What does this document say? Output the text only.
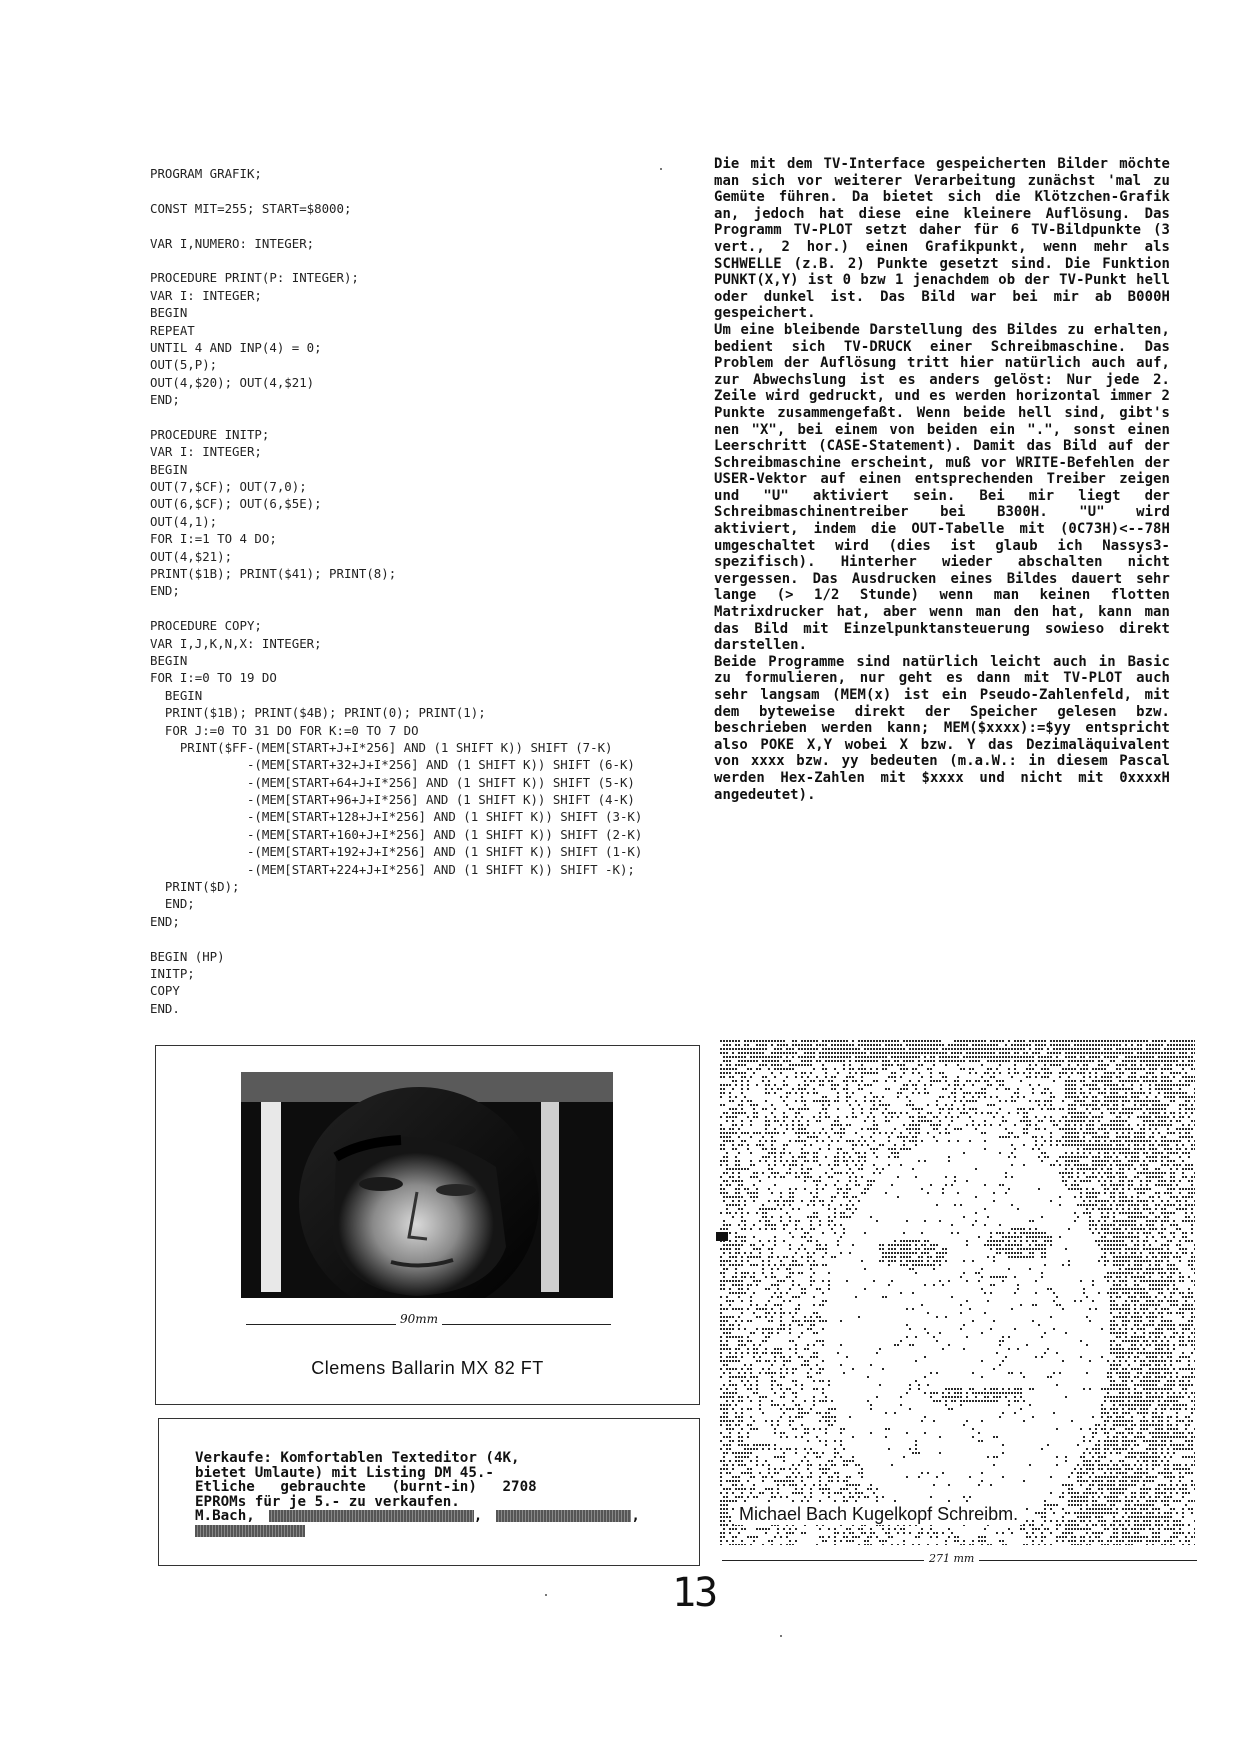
PROGRAM GRAFIK;
CONST MIT=255; START=$8000;
VAR I,NUMERO: INTEGER;
PROCEDURE PRINT(P: INTEGER);
VAR I: INTEGER;
BEGIN
REPEAT
UNTIL 4 AND INP(4) = 0;
OUT(5,P);
OUT(4,$20); OUT(4,$21)
END;
PROCEDURE INITP;
VAR I: INTEGER;
BEGIN
OUT(7,$CF); OUT(7,0);
OUT(6,$CF); OUT(6,$5E);
OUT(4,1);
FOR I:=1 TO 4 DO;
OUT(4,$21);
PRINT($1B); PRINT($41); PRINT(8);
END;
PROCEDURE COPY;
VAR I,J,K,N,X: INTEGER;
BEGIN
FOR I:=0 TO 19 DO
BEGIN
PRINT($1B); PRINT($4B); PRINT(0); PRINT(1);
FOR J:=0 TO 31 DO FOR K:=0 TO 7 DO
PRINT($FF-(MEM[START+J+I*256] AND (1 SHIFT K)) SHIFT (7-K)
-(MEM[START+32+J+I*256] AND (1 SHIFT K)) SHIFT (6-K)
-(MEM[START+64+J+I*256] AND (1 SHIFT K)) SHIFT (5-K)
-(MEM[START+96+J+I*256] AND (1 SHIFT K)) SHIFT (4-K)
-(MEM[START+128+J+I*256] AND (1 SHIFT K)) SHIFT (3-K)
-(MEM[START+160+J+I*256] AND (1 SHIFT K)) SHIFT (2-K)
-(MEM[START+192+J+I*256] AND (1 SHIFT K)) SHIFT (1-K)
-(MEM[START+224+J+I*256] AND (1 SHIFT K)) SHIFT -K);
PRINT($D);
END;
END;
BEGIN (HP)
INITP;
COPY
END.

Die mit dem TV-Interface gespeicherten Bilder möchte man sich vor weiterer Verarbeitung zunächst 'mal zu Gemüte führen. Da bietet sich die Klötzchen-Grafik an, jedoch hat diese eine kleinere Auflösung. Das Programm TV-PLOT setzt daher für 6 TV-Bildpunkte (3 vert., 2 hor.) einen Grafikpunkt, wenn mehr als SCHWELLE (z.B. 2) Punkte gesetzt sind. Die Funktion PUNKT(X,Y) ist 0 bzw 1 jenachdem ob der TV-Punkt hell oder dunkel ist. Das Bild war bei mir ab B000H gespeichert.

Um eine bleibende Darstellung des Bildes zu erhalten, bedient sich TV-DRUCK einer Schreibmaschine. Das Problem der Auflösung tritt hier natürlich auch auf, zur Abwechslung ist es anders gelöst: Nur jede 2. Zeile wird gedruckt, und es werden horizontal immer 2 Punkte zusammengefaßt. Wenn beide hell sind, gibt's nen "X", bei einem von beiden ein ".", sonst einen Leerschritt (CASE-Statement). Damit das Bild auf der Schreibmaschine erscheint, muß vor WRITE-Befehlen der USER-Vektor auf einen entsprechenden Treiber zeigen und "U" aktiviert sein. Bei mir liegt der Schreibmaschinentreiber bei B300H. "U" wird aktiviert, indem die OUT-Tabelle mit (0C73H)<--78H umgeschaltet wird (dies ist glaub ich Nassys3-spezifisch). Hinterher wieder abschalten nicht vergessen. Das Ausdrucken eines Bildes dauert sehr lange (> 1/2 Stunde) wenn man keinen flotten Matrixdrucker hat, aber wenn man den hat, kann man das Bild mit Einzelpunktansteuerung sowieso direkt darstellen.

Beide Programme sind natürlich leicht auch in Basic zu formulieren, nur geht es dann mit TV-PLOT auch sehr langsam (MEM(x) ist ein Pseudo-Zahlenfeld, mit dem byteweise direkt der Speicher gelesen bzw. beschrieben werden kann; MEM($xxxx):=$yy entspricht also POKE X,Y wobei X bzw. Y das Dezimaläquivalent von xxxx bzw. yy bedeuten (m.a.W.: in diesem Pascal werden Hex-Zahlen mit $xxxx und nicht mit 0xxxxH angedeutet).

90mm
Clemens Ballarin MX 82 FT
Verkaufe: Komfortablen Texteditor (4K,
bietet Umlaute) mit Listing DM 45.-
Etliche   gebrauchte   (burnt-in)   2708
EPROMs für je 5.- zu verkaufen.
M.Bach,	,	,	Michael Bach Kugelkopf Schreibm.
271 mm
13
